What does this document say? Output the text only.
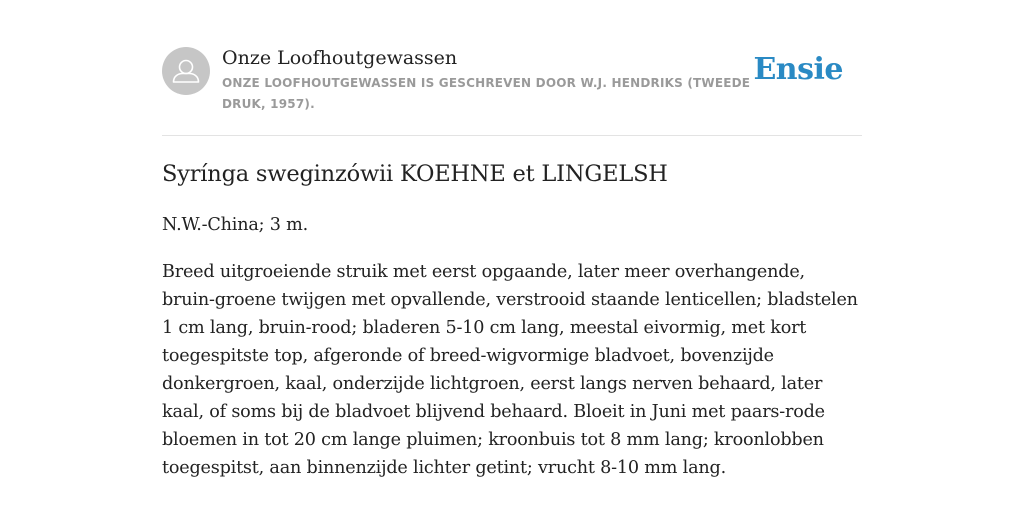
Onze Loofhoutgewassen
ONZE LOOFHOUTGEWASSEN IS GESCHREVEN DOOR W.J. HENDRIKS (TWEEDE DRUK, 1957).
Ensie
Syrínga sweginzówii KOEHNE et LINGELSH

N.W.-China; 3 m.

Breed uitgroeiende struik met eerst opgaande, later meer overhangende, bruin-groene twijgen met opvallende, verstrooid staande lenticellen; bladstelen 1 cm lang, bruin-rood; bladeren 5-10 cm lang, meestal eivormig, met kort toegespitste top, afgeronde of breed-wigvormige bladvoet, bovenzijde donkergroen, kaal, onderzijde lichtgroen, eerst langs nerven behaard, later kaal, of soms bij de bladvoet blijvend behaard. Bloeit in Juni met paars-rode bloemen in tot 20 cm lange pluimen; kroonbuis tot 8 mm lang; kroonlobben toegespitst, aan binnenzijde lichter getint; vrucht 8-10 mm lang.
